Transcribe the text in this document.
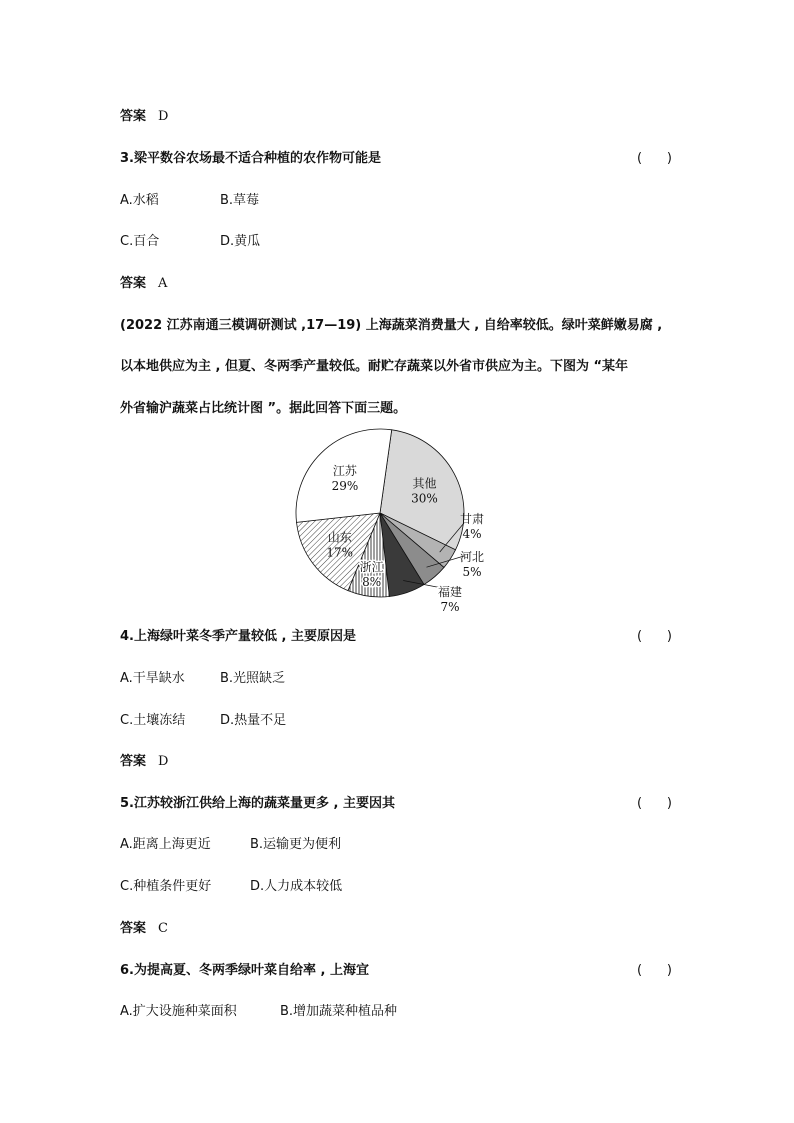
答案 D
3.梁平数谷农场最不适合种植的农作物可能是	(      )
A.水稻	B.草莓
C.百合	D.黄瓜
答案 A
(2022 江苏南通三模调研测试 ,17—19) 上海蔬菜消费量大 , 自给率较低。绿叶菜鲜嫩易腐 ,
以本地供应为主 , 但夏、冬两季产量较低。耐贮存蔬菜以外省市供应为主。下图为 “某年
外省输沪蔬菜占比统计图 ”。据此回答下面三题。
其他
30%
甘肃
4%
河北
5%
福建
7%
浙江
8%
山东
17%
江苏
29%
4.上海绿叶菜冬季产量较低 , 主要原因是	(      )
A.干旱缺水	B.光照缺乏
C.土壤冻结	D.热量不足
答案 D
5.江苏较浙江供给上海的蔬菜量更多 , 主要因其	(      )
A.距离上海更近	B.运输更为便利
C.种植条件更好	D.人力成本较低
答案 C
6.为提高夏、冬两季绿叶菜自给率 , 上海宜	(      )
A.扩大设施种菜面积	B.增加蔬菜种植品种
